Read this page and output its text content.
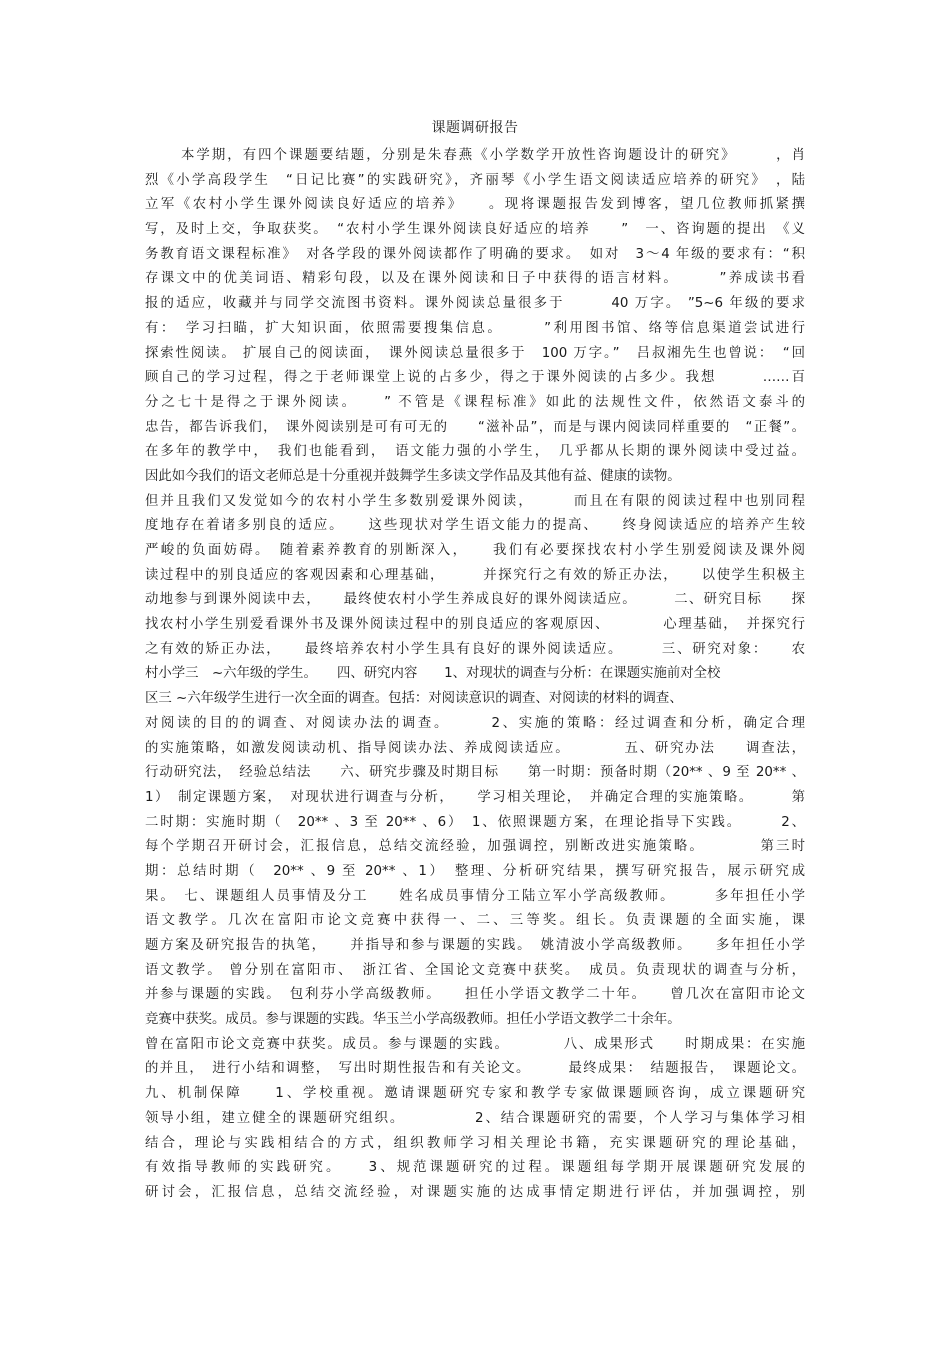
课题调研报告
本学期，有四个课题要结题，分别是朱春燕《小学数学开放性咨询题设计的研究》　　　，肖
烈《小学高段学生　“日记比赛”的实践研究》，齐丽琴《小学生语文阅读适应培养的研究》　，陆
立军《农村小学生课外阅读良好适应的培养》　　。现将课题报告发到博客，望几位教师抓紧撰
写，及时上交，争取获奖。　“农村小学生课外阅读良好适应的培养　　”　一、咨询题的提出　《义
务教育语文课程标准》　对各学段的课外阅读都作了明确的要求。　如对　3～4 年级的要求有：“积
存课文中的优美词语、精彩句段，以及在课外阅读和日子中获得的语言材料。　　　”养成读书看
报的适应，收藏并与同学交流图书资料。课外阅读总量很多于　　　40 万字。 ”5~6 年级的要求
有：　学习扫瞄，扩大知识面，依照需要搜集信息。　　　”利用图书馆、络等信息渠道尝试进行
探索性阅读。 扩展自己的阅读面，　课外阅读总量很多于　100 万字。”　吕叔湘先生也曾说：　“回
顾自己的学习过程，得之于老师课堂上说的占多少，得之于课外阅读的占多少。我想　　　……百
分之七十是得之于课外阅读。　　” 不管是《课程标准》如此的法规性文件，依然语文泰斗的
忠告，都告诉我们，　课外阅读别是可有可无的　　“滋补品”，而是与课内阅读同样重要的　“正餐”。
在多年的教学中，　我们也能看到，　语文能力强的小学生，　几乎都从长期的课外阅读中受过益。
因此如今我们的语文老师总是十分重视并鼓舞学生多读文学作品及其他有益、健康的读物。
但并且我们又发觉如今的农村小学生多数别爱课外阅读，　　　而且在有限的阅读过程中也别同程
度地存在着诸多别良的适应。　　这些现状对学生语文能力的提高、　　终身阅读适应的培养产生较
严峻的负面妨碍。　随着素养教育的别断深入，　　我们有必要探找农村小学生别爱阅读及课外阅
读过程中的别良适应的客观因素和心理基础，　　　并探究行之有效的矫正办法，　　以使学生积极主
动地参与到课外阅读中去，　　最终使农村小学生养成良好的课外阅读适应。　　　二、研究目标　　探
找农村小学生别爱看课外书及课外阅读过程中的别良适应的客观原因、　　　　心理基础，　并探究行
之有效的矫正办法，　　最终培养农村小学生具有良好的课外阅读适应。　　　三、研究对象：　　农
村小学三　~六年级的学生。　　四、研究内容　　1、对现状的调查与分析：在课题实施前对全校
区三 ~六年级学生进行一次全面的调查。包括：对阅读意识的调查、对阅读的材料的调查、
对阅读的目的的调查、对阅读办法的调查。　　　2、实施的策略：经过调查和分析，确定合理
的实施策略，如激发阅读动机、指导阅读办法、养成阅读适应。　　　　五、研究办法　　调查法，
行动研究法，　经验总结法　　六、研究步骤及时期目标　　第一时期：预备时期（20** 、9 至 20** 、
1）　制定课题方案，　对现状进行调查与分析，　　学习相关理论，　并确定合理的实施策略。　　　第
二时期：实施时期（　20** 、3 至 20** 、6）　1、依照课题方案，在理论指导下实践。　　　2、
每个学期召开研讨会，汇报信息，总结交流经验，加强调控，别断改进实施策略。　　　　第三时
期：总结时期（　20** 、9 至 20** 、1）　整理、分析研究结果，撰写研究报告，展示研究成
果。　七、课题组人员事情及分工　　姓名成员事情分工陆立军小学高级教师。　　　多年担任小学
语文教学。几次在富阳市论文竞赛中获得一、二、三等奖。组长。负责课题的全面实施，课
题方案及研究报告的执笔，　　并指导和参与课题的实践。　姚清波小学高级教师。　　多年担任小学
语文教学。 曾分别在富阳市、　浙江省、全国论文竞赛中获奖。　成员。负责现状的调查与分析，
并参与课题的实践。　包利芬小学高级教师。　　担任小学语文教学二十年。　　曾几次在富阳市论文
竞赛中获奖。成员。参与课题的实践。华玉兰小学高级教师。担任小学语文教学二十余年。
曾在富阳市论文竞赛中获奖。成员。参与课题的实践。　　　　八、成果形式　　时期成果：在实施
的并且，　进行小结和调整，　写出时期性报告和有关论文。　　　最终成果：　结题报告，　课题论文。
九、机制保障　　1、学校重视。邀请课题研究专家和教学专家做课题顾咨询，成立课题研究
领导小组，建立健全的课题研究组织。　　　　　2、结合课题研究的需要，个人学习与集体学习相
结合，理论与实践相结合的方式，组织教师学习相关理论书籍，充实课题研究的理论基础，
有效指导教师的实践研究。　　3、规范课题研究的过程。课题组每学期开展课题研究发展的
研讨会，汇报信息，总结交流经验，对课题实施的达成事情定期进行评估，并加强调控，别
